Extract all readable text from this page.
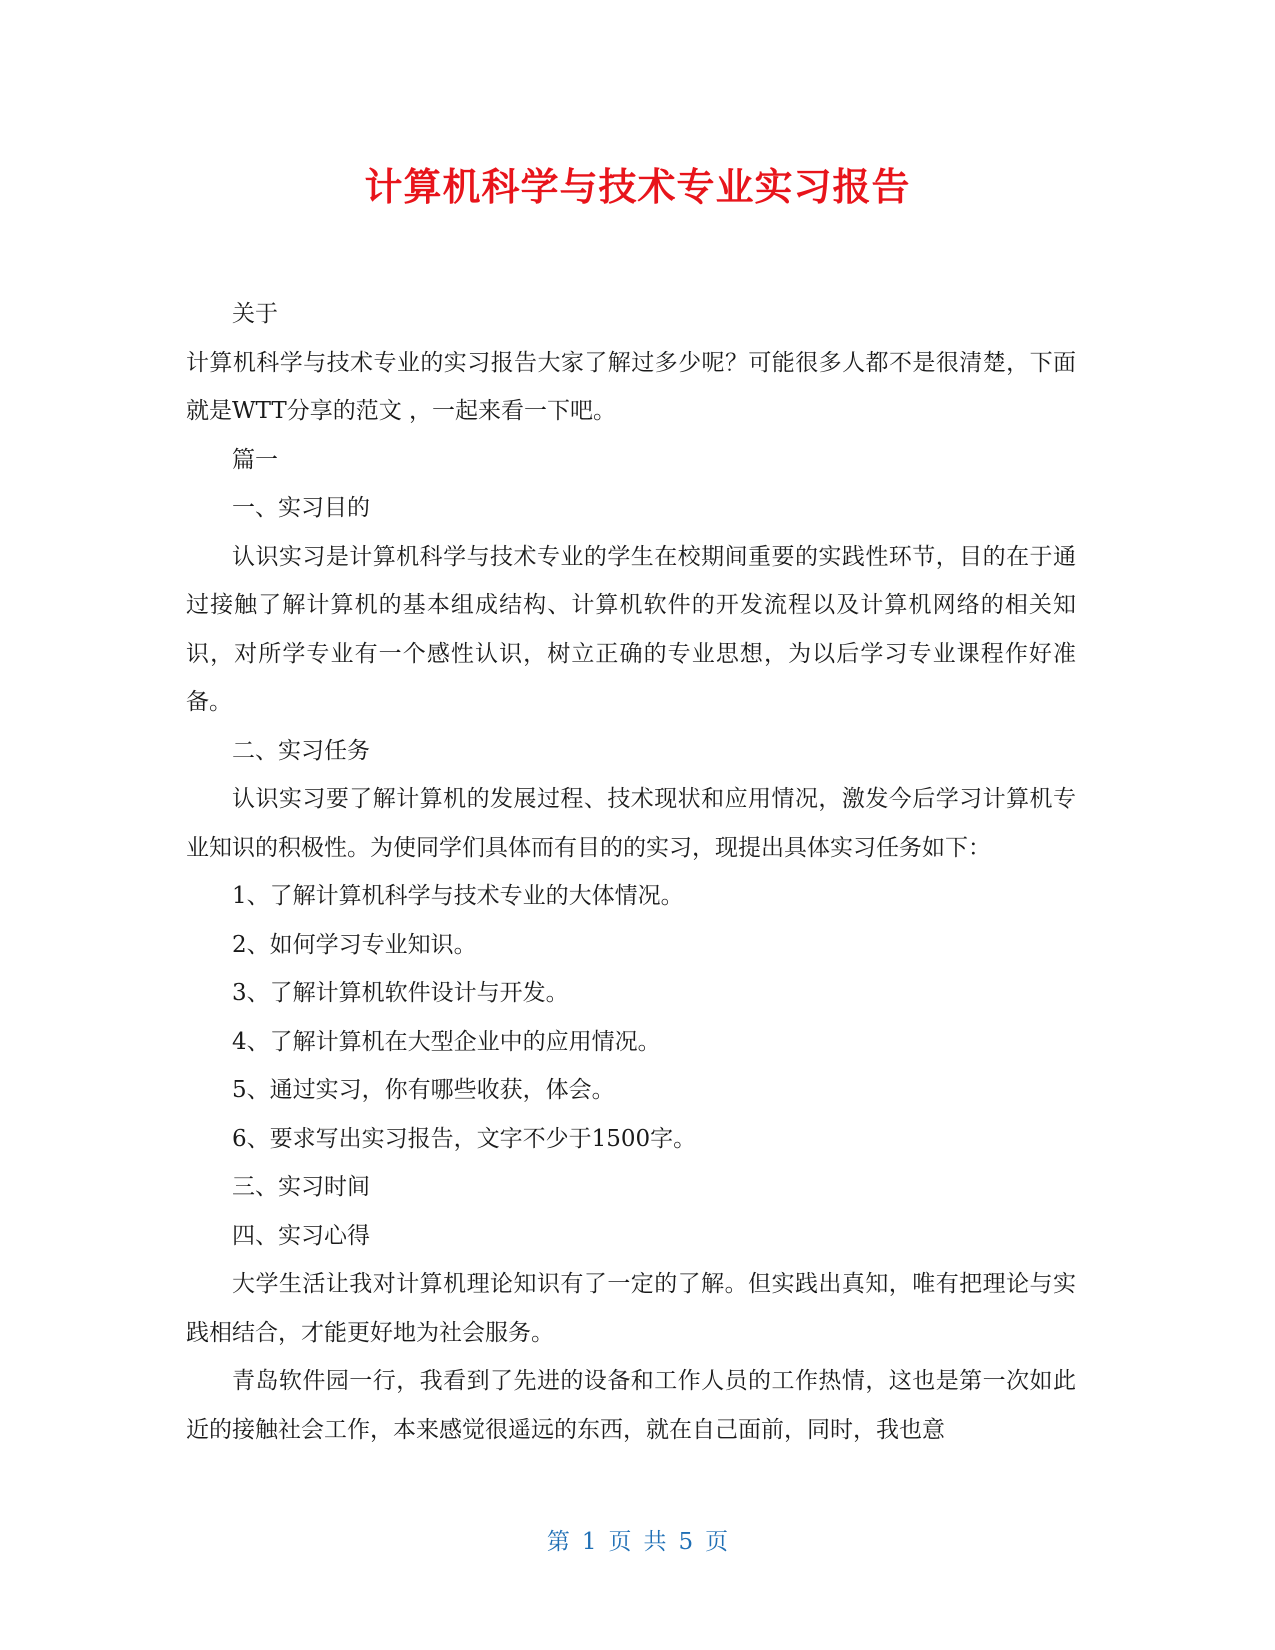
计算机科学与技术专业实习报告

关于

计算机科学与技术专业的实习报告大家了解过多少呢？可能很多人都不是很清楚，下面就是WTT分享的范文 ，一起来看一下吧。

篇一

一、实习目的

认识实习是计算机科学与技术专业的学生在校期间重要的实践性环节，目的在于通过接触了解计算机的基本组成结构、计算机软件的开发流程以及计算机网络的相关知识，对所学专业有一个感性认识，树立正确的专业思想，为以后学习专业课程作好准备。

二、实习任务

认识实习要了解计算机的发展过程、技术现状和应用情况，激发今后学习计算机专业知识的积极性。为使同学们具体而有目的的实习，现提出具体实习任务如下：

1、了解计算机科学与技术专业的大体情况。

2、如何学习专业知识。

3、了解计算机软件设计与开发。

4、了解计算机在大型企业中的应用情况。

5、通过实习，你有哪些收获，体会。

6、要求写出实习报告，文字不少于1500字。

三、实习时间

四、实习心得

大学生活让我对计算机理论知识有了一定的了解。但实践出真知，唯有把理论与实践相结合，才能更好地为社会服务。

青岛软件园一行，我看到了先进的设备和工作人员的工作热情，这也是第一次如此近的接触社会工作，本来感觉很遥远的东西，就在自己面前，同时，我也意

第 1 页 共 5 页
